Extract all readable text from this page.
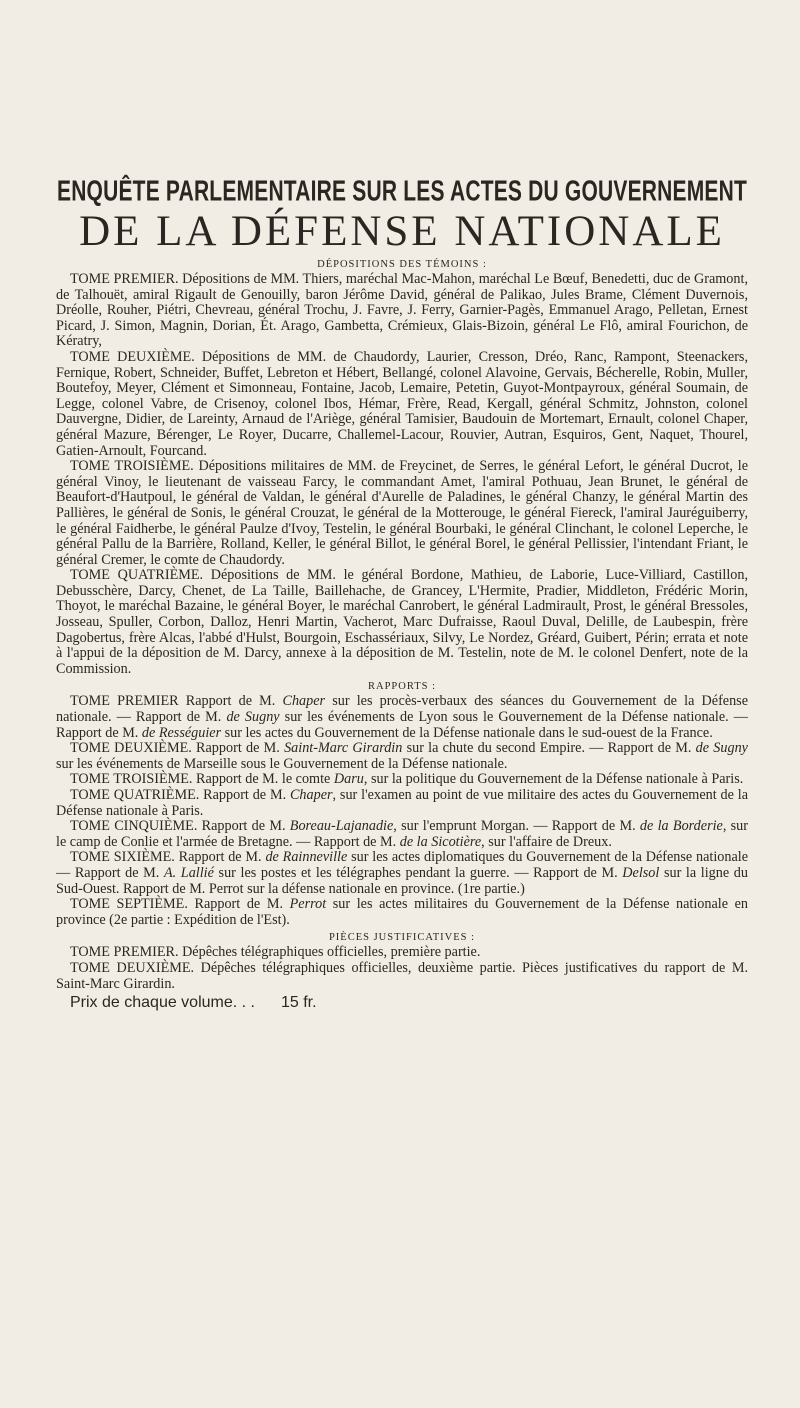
ENQUÊTE PARLEMENTAIRE SUR LES ACTES DU GOUVERNEMENT
DE LA DÉFENSE NATIONALE
DÉPOSITIONS DES TÉMOINS :

TOME PREMIER. Dépositions de MM. Thiers, maréchal Mac-Mahon, maréchal Le Bœuf, Benedetti, duc de Gramont, de Talhouët, amiral Rigault de Genouilly, baron Jérôme David, général de Palikao, Jules Brame, Clément Duvernois, Dréolle, Rouher, Piétri, Chevreau, général Trochu, J. Favre, J. Ferry, Garnier-Pagès, Emmanuel Arago, Pelletan, Ernest Picard, J. Simon, Magnin, Dorian, Ét. Arago, Gambetta, Crémieux, Glais-Bizoin, général Le Flô, amiral Fourichon, de Kératry,

TOME DEUXIÈME. Dépositions de MM. de Chaudordy, Laurier, Cresson, Dréo, Ranc, Rampont, Steenackers, Fernique, Robert, Schneider, Buffet, Lebreton et Hébert, Bellangé, colonel Alavoine, Gervais, Bécherelle, Robin, Muller, Boutefoy, Meyer, Clément et Simonneau, Fontaine, Jacob, Lemaire, Petetin, Guyot-Montpayroux, général Soumain, de Legge, colonel Vabre, de Crisenoy, colonel Ibos, Hémar, Frère, Read, Kergall, général Schmitz, Johnston, colonel Dauvergne, Didier, de Lareinty, Arnaud de l'Ariège, général Tamisier, Baudouin de Mortemart, Ernault, colonel Chaper, général Mazure, Bérenger, Le Royer, Ducarre, Challemel-Lacour, Rouvier, Autran, Esquiros, Gent, Naquet, Thourel, Gatien-Arnoult, Fourcand.

TOME TROISIÈME. Dépositions militaires de MM. de Freycinet, de Serres, le général Lefort, le général Ducrot, le général Vinoy, le lieutenant de vaisseau Farcy, le commandant Amet, l'amiral Pothuau, Jean Brunet, le général de Beaufort-d'Hautpoul, le général de Valdan, le général d'Aurelle de Paladines, le général Chanzy, le général Martin des Pallières, le général de Sonis, le général Crouzat, le général de la Motterouge, le général Fiereck, l'amiral Jauréguiberry, le général Faidherbe, le général Paulze d'Ivoy, Testelin, le général Bourbaki, le général Clinchant, le colonel Leperche, le général Pallu de la Barrière, Rolland, Keller, le général Billot, le général Borel, le général Pellissier, l'intendant Friant, le général Cremer, le comte de Chaudordy.

TOME QUATRIÈME. Dépositions de MM. le général Bordone, Mathieu, de Laborie, Luce-Villiard, Castillon, Debusschère, Darcy, Chenet, de La Taille, Baillehache, de Grancey, L'Hermite, Pradier, Middleton, Frédéric Morin, Thoyot, le maréchal Bazaine, le général Boyer, le maréchal Canrobert, le général Ladmirault, Prost, le général Bressoles, Josseau, Spuller, Corbon, Dalloz, Henri Martin, Vacherot, Marc Dufraisse, Raoul Duval, Delille, de Laubespin, frère Dagobertus, frère Alcas, l'abbé d'Hulst, Bourgoin, Eschassériaux, Silvy, Le Nordez, Gréard, Guibert, Périn; errata et note à l'appui de la déposition de M. Darcy, annexe à la déposition de M. Testelin, note de M. le colonel Denfert, note de la Commission.

RAPPORTS :

TOME PREMIER Rapport de M. Chaper sur les procès-verbaux des séances du Gouvernement de la Défense nationale. — Rapport de M. de Sugny sur les événements de Lyon sous le Gouvernement de la Défense nationale. — Rapport de M. de Rességuier sur les actes du Gouvernement de la Défense nationale dans le sud-ouest de la France.

TOME DEUXIÈME. Rapport de M. Saint-Marc Girardin sur la chute du second Empire. — Rapport de M. de Sugny sur les événements de Marseille sous le Gouvernement de la Défense nationale.

TOME TROISIÈME. Rapport de M. le comte Daru, sur la politique du Gouvernement de la Défense nationale à Paris.

TOME QUATRIÈME. Rapport de M. Chaper, sur l'examen au point de vue militaire des actes du Gouvernement de la Défense nationale à Paris.

TOME CINQUIÈME. Rapport de M. Boreau-Lajanadie, sur l'emprunt Morgan. — Rapport de M. de la Borderie, sur le camp de Conlie et l'armée de Bretagne. — Rapport de M. de la Sicotière, sur l'affaire de Dreux.

TOME SIXIÈME. Rapport de M. de Rainneville sur les actes diplomatiques du Gouvernement de la Défense nationale — Rapport de M. A. Lallié sur les postes et les télégraphes pendant la guerre. — Rapport de M. Delsol sur la ligne du Sud-Ouest. Rapport de M. Perrot sur la défense nationale en province. (1re partie.)

TOME SEPTIÈME. Rapport de M. Perrot sur les actes militaires du Gouvernement de la Défense nationale en province (2e partie : Expédition de l'Est).

PIÈCES JUSTIFICATIVES :

TOME PREMIER. Dépêches télégraphiques officielles, première partie.

TOME DEUXIÈME. Dépêches télégraphiques officielles, deuxième partie. Pièces justificatives du rapport de M. Saint-Marc Girardin.

Prix de chaque volume. . . 15 fr.
